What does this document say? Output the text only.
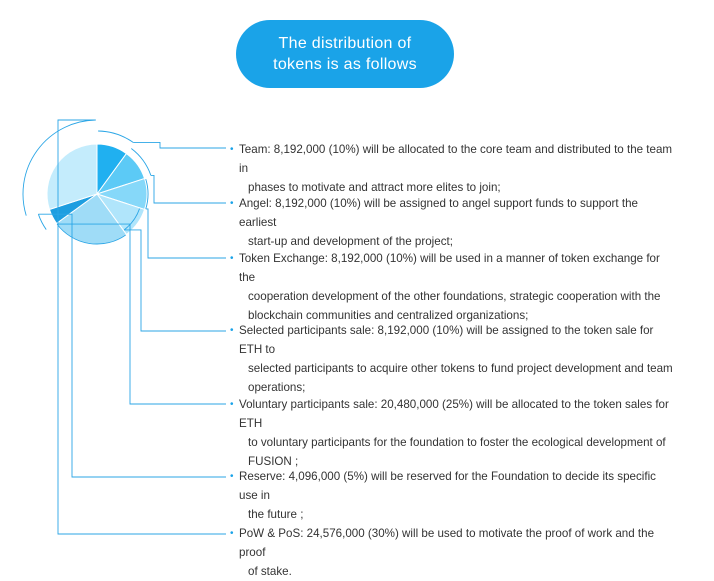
The distribution of
tokens is as follows
• Team: 8,192,000 (10%) will be allocated to the core team and distributed to the team in
phases to motivate and attract more elites to join;
• Angel: 8,192,000 (10%) will be assigned to angel support funds to support the earliest
start-up and development of the project;
• Token Exchange: 8,192,000 (10%) will be used in a manner of token exchange for the
cooperation development of the other foundations, strategic cooperation with the
blockchain communities and centralized organizations;
• Selected participants sale: 8,192,000 (10%) will be assigned to the token sale for ETH to
selected participants to acquire other tokens to fund project development and team
operations;
• Voluntary participants sale: 20,480,000 (25%) will be allocated to the token sales for ETH
to voluntary participants for the foundation to foster the ecological development of
FUSION ;
• Reserve: 4,096,000 (5%) will be reserved for the Foundation to decide its specific use in
the future ;
• PoW & PoS: 24,576,000 (30%) will be used to motivate the proof of work and the proof
of stake.
